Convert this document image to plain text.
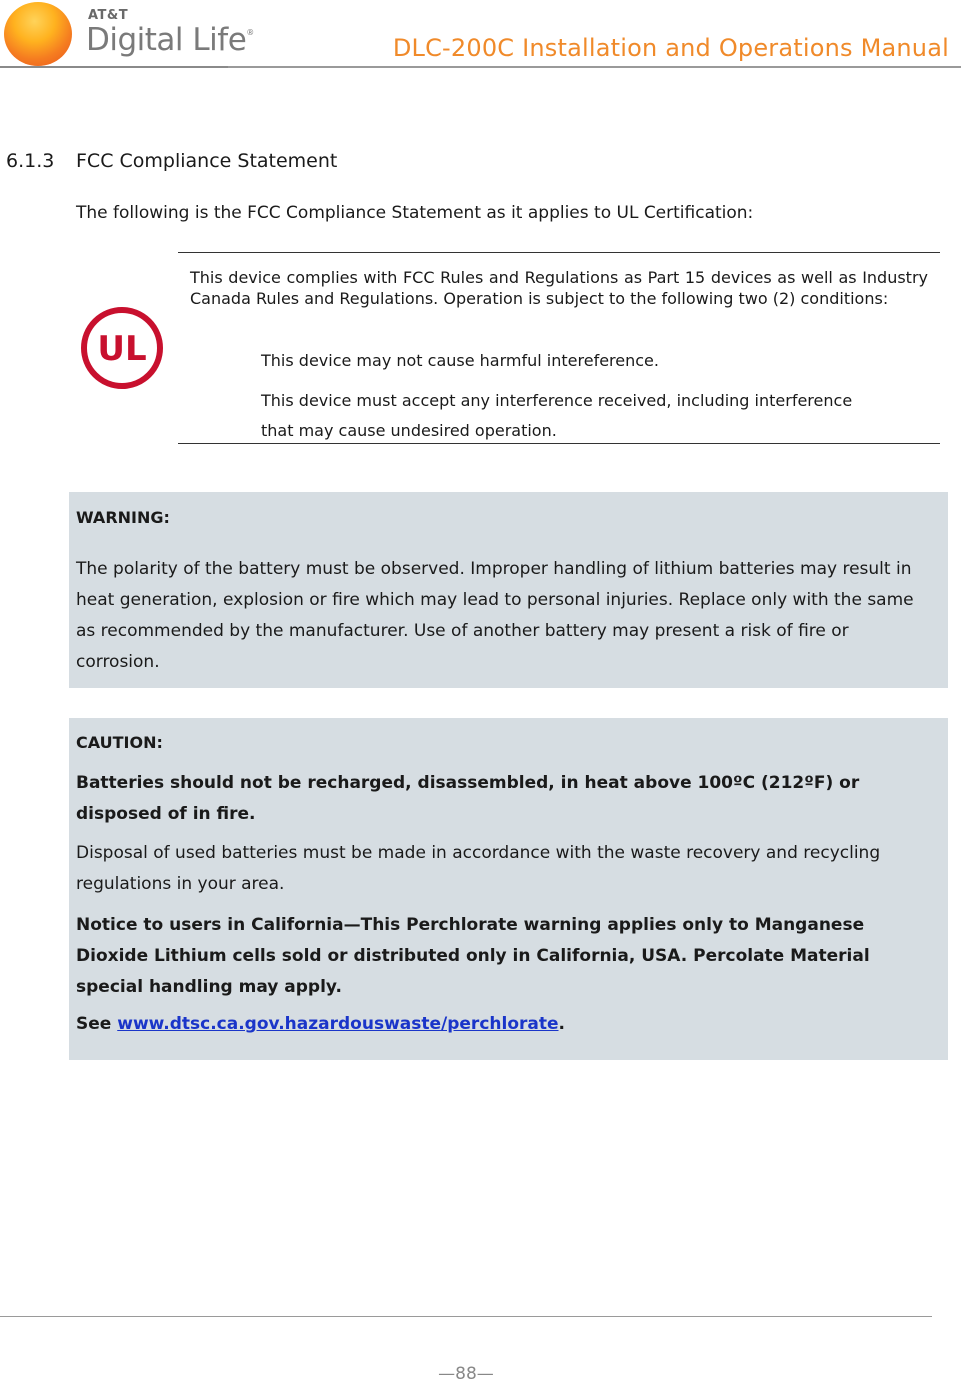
AT&T
Digital Life®
DLC-200C Installation and Operations Manual
6.1.3 FCC Compliance Statement
The following is the FCC Compliance Statement as it applies to UL Certification:
UL
This device complies with FCC Rules and Regulations as Part 15 devices as well as Industry Canada Rules and Regulations. Operation is subject to the following two (2) conditions:
This device may not cause harmful intereference.
This device must accept any interference received, including interference that may cause undesired operation.
WARNING:
The polarity of the battery must be observed. Improper handling of lithium batteries may result in heat generation, explosion or fire which may lead to personal injuries. Replace only with the same as recommended by the manufacturer. Use of another battery may present a risk of fire or corrosion.
CAUTION:
Batteries should not be recharged, disassembled, in heat above 100ºC (212ºF) or disposed of in fire.
Disposal of used batteries must be made in accordance with the waste recovery and recycling regulations in your area.
Notice to users in California—This Perchlorate warning applies only to Manganese Dioxide Lithium cells sold or distributed only in California, USA. Percolate Material special handling may apply.
See www.dtsc.ca.gov.hazardouswaste/perchlorate.
—88—
